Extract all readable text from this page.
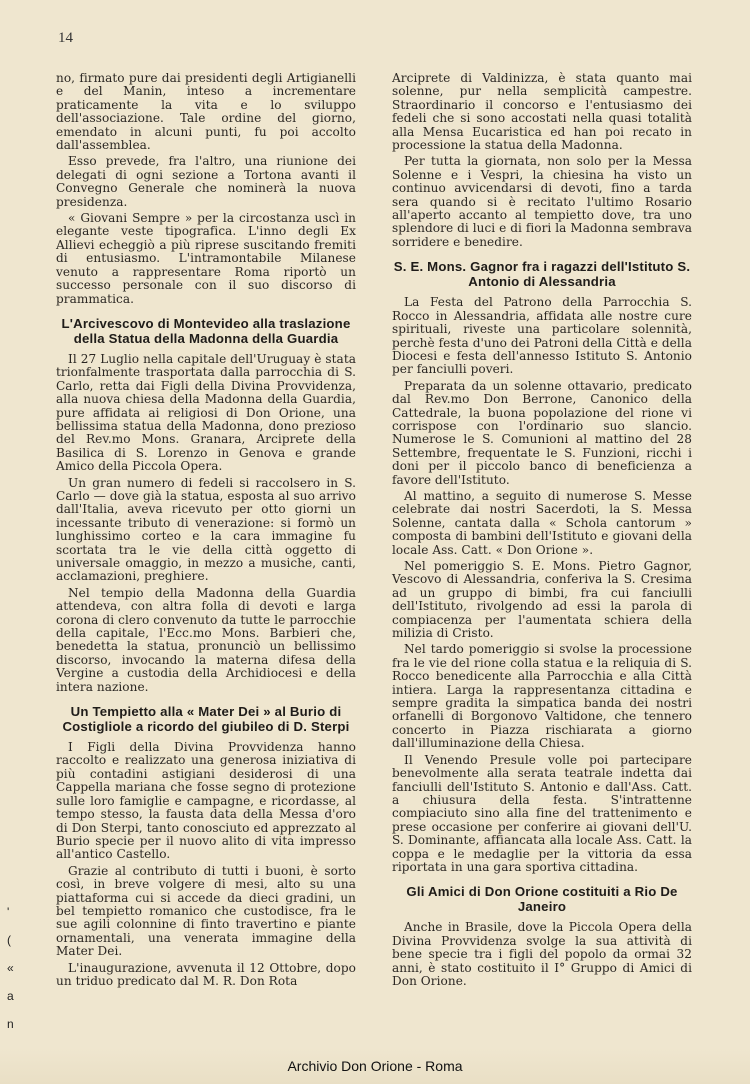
14

no, firmato pure dai presidenti degli Artigianelli e del Manin, inteso a incrementare praticamente la vita e lo sviluppo dell'associazione. Tale ordine del giorno, emendato in alcuni punti, fu poi accolto dall'assemblea.

Esso prevede, fra l'altro, una riunione dei delegati di ogni sezione a Tortona avanti il Convegno Generale che nominerà la nuova presidenza.

« Giovani Sempre » per la circostanza uscì in elegante veste tipografica. L'inno degli Ex Allievi echeggiò a più riprese suscitando fremiti di entusiasmo. L'intramontabile Milanese venuto a rappresentare Roma riportò un successo personale con il suo discorso di prammatica.

L'Arcivescovo di Montevideo alla traslazione della Statua della Madonna della Guardia

Il 27 Luglio nella capitale dell'Uruguay è stata trionfalmente trasportata dalla parrocchia di S. Carlo, retta dai Figli della Divina Provvidenza, alla nuova chiesa della Madonna della Guardia, pure affidata ai religiosi di Don Orione, una bellissima statua della Madonna, dono prezioso del Rev.mo Mons. Granara, Arciprete della Basilica di S. Lorenzo in Genova e grande Amico della Piccola Opera.

Un gran numero di fedeli si raccolsero in S. Carlo — dove già la statua, esposta al suo arrivo dall'Italia, aveva ricevuto per otto giorni un incessante tributo di venerazione: si formò un lunghissimo corteo e la cara immagine fu scortata tra le vie della città oggetto di universale omaggio, in mezzo a musiche, canti, acclamazioni, preghiere.

Nel tempio della Madonna della Guardia attendeva, con altra folla di devoti e larga corona di clero convenuto da tutte le parrocchie della capitale, l'Ecc.mo Mons. Barbieri che, benedetta la statua, pronunciò un bellissimo discorso, invocando la materna difesa della Vergine a custodia della Archidiocesi e della intera nazione.

Un Tempietto alla « Mater Dei » al Burio di Costigliole a ricordo del giubileo di D. Sterpi

I Figli della Divina Provvidenza hanno raccolto e realizzato una generosa iniziativa di più contadini astigiani desiderosi di una Cappella mariana che fosse segno di protezione sulle loro famiglie e campagne, e ricordasse, al tempo stesso, la fausta data della Messa d'oro di Don Sterpi, tanto conosciuto ed apprezzato al Burio specie per il nuovo alito di vita impresso all'antico Castello.

Grazie al contributo di tutti i buoni, è sorto così, in breve volgere di mesi, alto su una piattaforma cui si accede da dieci gradini, un bel tempietto romanico che custodisce, fra le sue agili colonnine di finto travertino e piante ornamentali, una venerata immagine della Mater Dei.

L'inaugurazione, avvenuta il 12 Ottobre, dopo un triduo predicato dal M. R. Don Rota

Arciprete di Valdinizza, è stata quanto mai solenne, pur nella semplicità campestre. Straordinario il concorso e l'entusiasmo dei fedeli che si sono accostati nella quasi totalità alla Mensa Eucaristica ed han poi recato in processione la statua della Madonna.

Per tutta la giornata, non solo per la Messa Solenne e i Vespri, la chiesina ha visto un continuo avvicendarsi di devoti, fino a tarda sera quando si è recitato l'ultimo Rosario all'aperto accanto al tempietto dove, tra uno splendore di luci e di fiori la Madonna sembrava sorridere e benedire.

S. E. Mons. Gagnor fra i ragazzi dell'Istituto S. Antonio di Alessandria

La Festa del Patrono della Parrocchia S. Rocco in Alessandria, affidata alle nostre cure spirituali, riveste una particolare solennità, perchè festa d'uno dei Patroni della Città e della Diocesi e festa dell'annesso Istituto S. Antonio per fanciulli poveri.

Preparata da un solenne ottavario, predicato dal Rev.mo Don Berrone, Canonico della Cattedrale, la buona popolazione del rione vi corrispose con l'ordinario suo slancio. Numerose le S. Comunioni al mattino del 28 Settembre, frequentate le S. Funzioni, ricchi i doni per il piccolo banco di beneficienza a favore dell'Istituto.

Al mattino, a seguito di numerose S. Messe celebrate dai nostri Sacerdoti, la S. Messa Solenne, cantata dalla « Schola cantorum » composta di bambini dell'Istituto e giovani della locale Ass. Catt. « Don Orione ».

Nel pomeriggio S. E. Mons. Pietro Gagnor, Vescovo di Alessandria, conferiva la S. Cresima ad un gruppo di bimbi, fra cui fanciulli dell'Istituto, rivolgendo ad essi la parola di compiacenza per l'aumentata schiera della milizia di Cristo.

Nel tardo pomeriggio si svolse la processione fra le vie del rione colla statua e la reliquia di S. Rocco benedicente alla Parrocchia e alla Città intiera. Larga la rappresentanza cittadina e sempre gradita la simpatica banda dei nostri orfanelli di Borgonovo Valtidone, che tennero concerto in Piazza rischiarata a giorno dall'illuminazione della Chiesa.

Il Venendo Presule volle poi partecipare benevolmente alla serata teatrale indetta dai fanciulli dell'Istituto S. Antonio e dall'Ass. Catt. a chiusura della festa. S'intrattenne compiaciuto sino alla fine del trattenimento e prese occasione per conferire ai giovani dell'U. S. Dominante, affiancata alla locale Ass. Catt. la coppa e le medaglie per la vittoria da essa riportata in una gara sportiva cittadina.

Gli Amici di Don Orione costituiti a Rio De Janeiro

Anche in Brasile, dove la Piccola Opera della Divina Provvidenza svolge la sua attività di bene specie tra i figli del popolo da ormai 32 anni, è stato costituito il I° Gruppo di Amici di Don Orione.

'
(
«
a
n
Archivio Don Orione - Roma
